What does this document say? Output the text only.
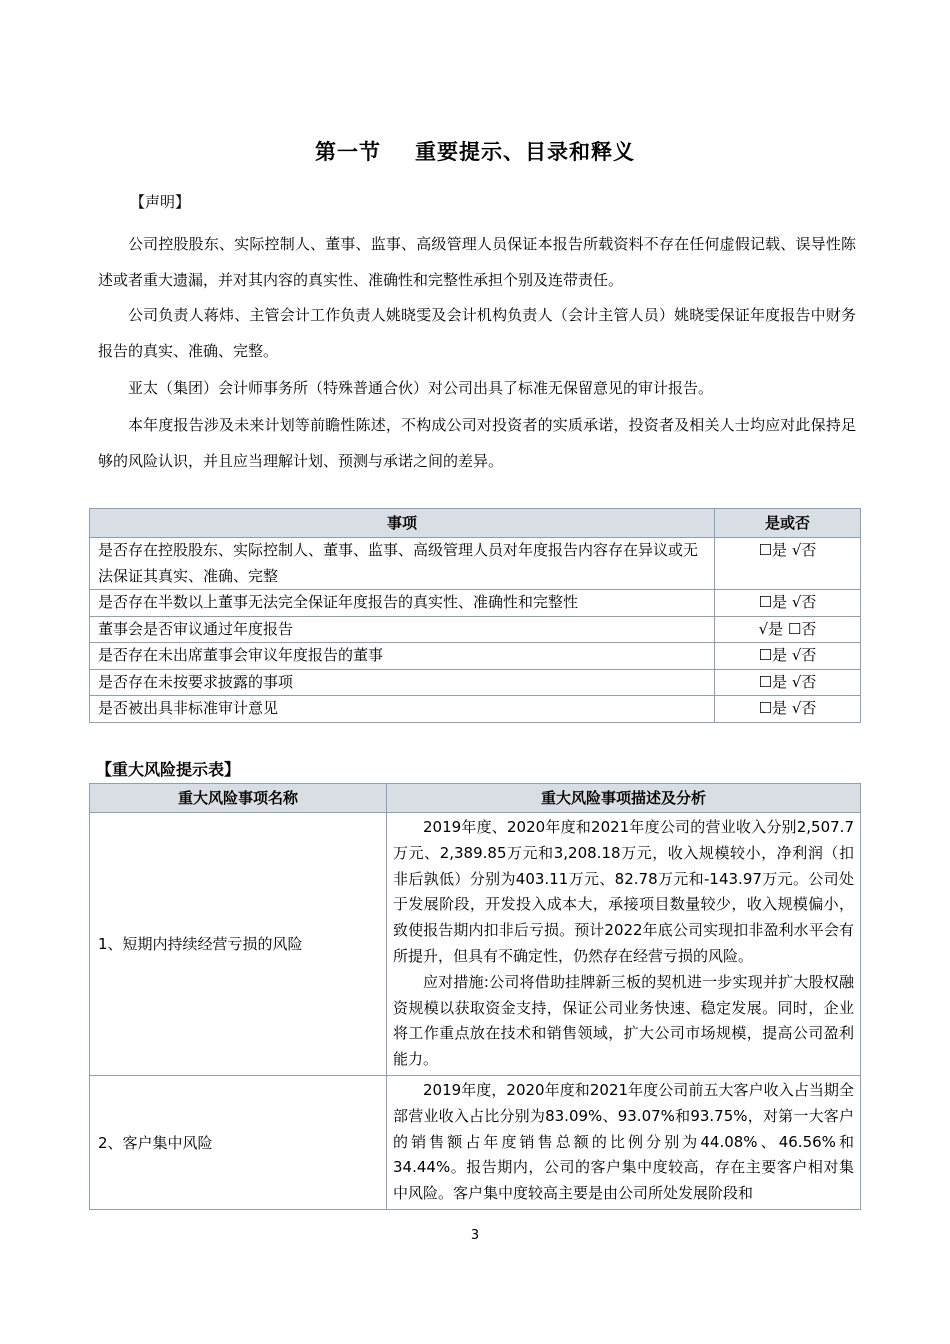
第一节 重要提示、目录和释义
【声明】

公司控股股东、实际控制人、董事、监事、高级管理人员保证本报告所载资料不存在任何虚假记载、误导性陈述或者重大遗漏，并对其内容的真实性、准确性和完整性承担个别及连带责任。

公司负责人蒋炜、主管会计工作负责人姚晓雯及会计机构负责人（会计主管人员）姚晓雯保证年度报告中财务报告的真实、准确、完整。

亚太（集团）会计师事务所（特殊普通合伙）对公司出具了标准无保留意见的审计报告。

本年度报告涉及未来计划等前瞻性陈述，不构成公司对投资者的实质承诺，投资者及相关人士均应对此保持足够的风险认识，并且应当理解计划、预测与承诺之间的差异。

事项	是或否
是否存在控股股东、实际控制人、董事、监事、高级管理人员对年度报告内容存在异议或无法保证其真实、准确、完整	☐是 √否
是否存在半数以上董事无法完全保证年度报告的真实性、准确性和完整性	☐是 √否
董事会是否审议通过年度报告	√是 ☐否
是否存在未出席董事会审议年度报告的董事	☐是 √否
是否存在未按要求披露的事项	☐是 √否
是否被出具非标准审计意见	☐是 √否
【重大风险提示表】
重大风险事项名称	重大风险事项描述及分析
1、短期内持续经营亏损的风险	2019年度、2020年度和2021年度公司的营业收入分别2,507.7万元、2,389.85万元和3,208.18万元，收入规模较小，净利润（扣非后孰低）分别为403.11万元、82.78万元和-143.97万元。公司处于发展阶段，开发投入成本大，承接项目数量较少，收入规模偏小，致使报告期内扣非后亏损。预计2022年底公司实现扣非盈利水平会有所提升，但具有不确定性，仍然存在经营亏损的风险。

应对措施:公司将借助挂牌新三板的契机进一步实现并扩大股权融资规模以获取资金支持，保证公司业务快速、稳定发展。同时，企业将工作重点放在技术和销售领域，扩大公司市场规模，提高公司盈利能力。

2、客户集中风险	2019年度，2020年度和2021年度公司前五大客户收入占当期全部营业收入占比分别为83.09%、93.07%和93.75%，对第一大客户的销售额占年度销售总额的比例分别为44.08%、46.56%和34.44%。报告期内，公司的客户集中度较高，存在主要客户相对集中风险。客户集中度较高主要是由公司所处发展阶段和

3
